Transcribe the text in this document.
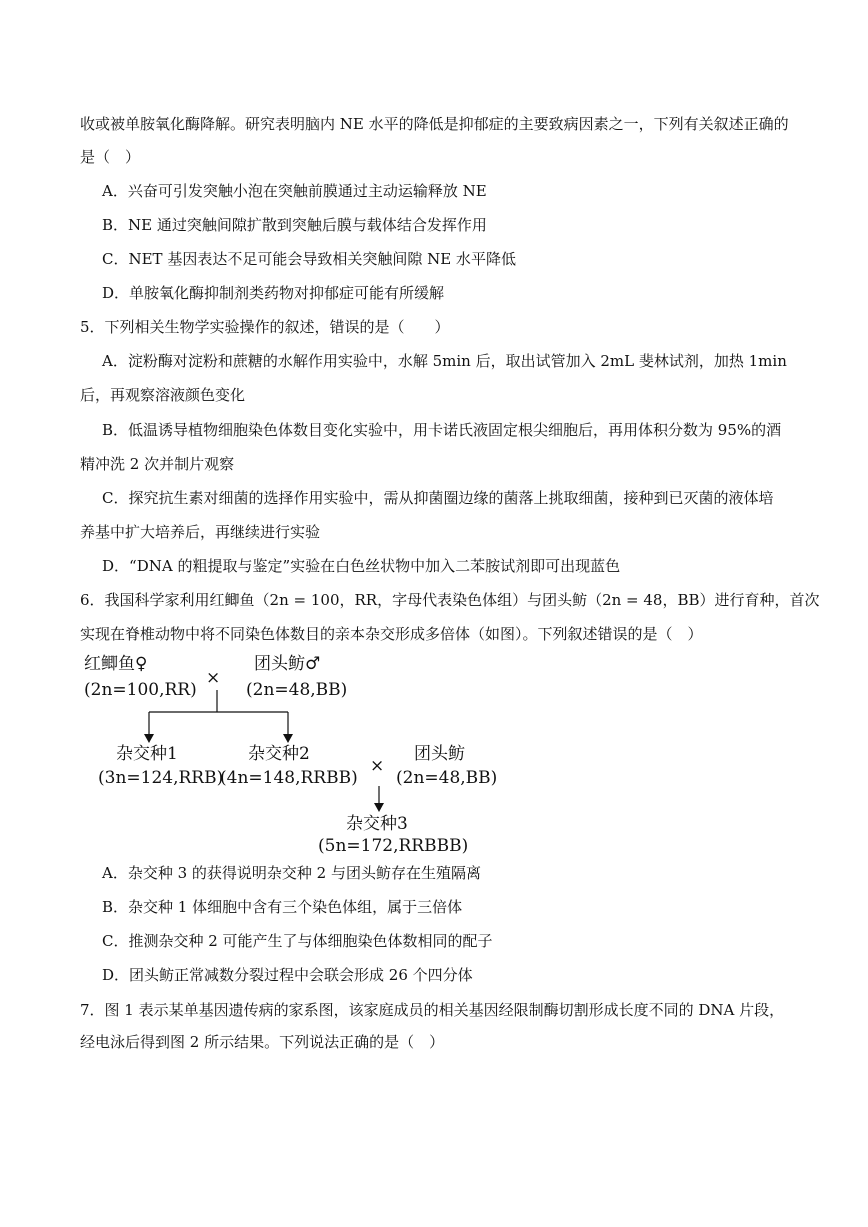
收或被单胺氧化酶降解。研究表明脑内 NE 水平的降低是抑郁症的主要致病因素之一，下列有关叙述正确的
是（　）
A．兴奋可引发突触小泡在突触前膜通过主动运输释放 NE
B．NE 通过突触间隙扩散到突触后膜与载体结合发挥作用
C．NET 基因表达不足可能会导致相关突触间隙 NE 水平降低
D．单胺氧化酶抑制剂类药物对抑郁症可能有所缓解
5．下列相关生物学实验操作的叙述，错误的是（　　）
A．淀粉酶对淀粉和蔗糖的水解作用实验中，水解 5min 后，取出试管加入 2mL 斐林试剂，加热 1min
后，再观察溶液颜色变化
B．低温诱导植物细胞染色体数目变化实验中，用卡诺氏液固定根尖细胞后，再用体积分数为 95%的酒
精冲洗 2 次并制片观察
C．探究抗生素对细菌的选择作用实验中，需从抑菌圈边缘的菌落上挑取细菌，接种到已灭菌的液体培
养基中扩大培养后，再继续进行实验
D．“DNA 的粗提取与鉴定”实验在白色丝状物中加入二苯胺试剂即可出现蓝色
6．我国科学家利用红鲫鱼（2n = 100，RR，字母代表染色体组）与团头鲂（2n = 48，BB）进行育种，首次
实现在脊椎动物中将不同染色体数目的亲本杂交形成多倍体（如图）。下列叙述错误的是（　）
红鲫鱼♀
(2n=100,RR)
×
团头鲂♂
(2n=48,BB)
杂交种1
(3n=124,RRB)
杂交种2
(4n=148,RRBB)
×
团头鲂
(2n=48,BB)
杂交种3
(5n=172,RRBBB)
A．杂交种 3 的获得说明杂交种 2 与团头鲂存在生殖隔离
B．杂交种 1 体细胞中含有三个染色体组，属于三倍体
C．推测杂交种 2 可能产生了与体细胞染色体数相同的配子
D．团头鲂正常减数分裂过程中会联会形成 26 个四分体
7．图 1 表示某单基因遗传病的家系图，该家庭成员的相关基因经限制酶切割形成长度不同的 DNA 片段，
经电泳后得到图 2 所示结果。下列说法正确的是（　）
